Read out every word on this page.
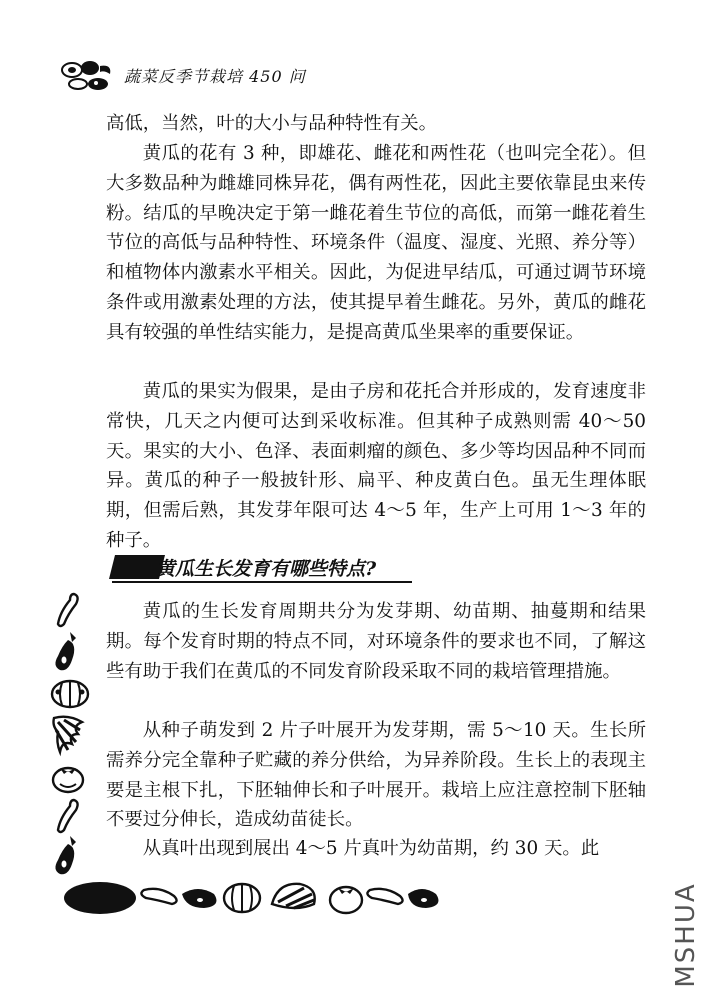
蔬菜反季节栽培 450 问

高低，当然，叶的大小与品种特性有关。

黄瓜的花有 3 种，即雄花、雌花和两性花（也叫完全花）。但大多数品种为雌雄同株异花，偶有两性花，因此主要依靠昆虫来传粉。结瓜的早晚决定于第一雌花着生节位的高低，而第一雌花着生节位的高低与品种特性、环境条件（温度、湿度、光照、养分等）和植物体内激素水平相关。因此，为促进早结瓜，可通过调节环境条件或用激素处理的方法，使其提早着生雌花。另外，黄瓜的雌花具有较强的单性结实能力，是提高黄瓜坐果率的重要保证。

黄瓜的果实为假果，是由子房和花托合并形成的，发育速度非常快，几天之内便可达到采收标准。但其种子成熟则需 40～50 天。果实的大小、色泽、表面刺瘤的颜色、多少等均因品种不同而异。黄瓜的种子一般披针形、扁平、种皮黄白色。虽无生理体眠期，但需后熟，其发芽年限可达 4～5 年，生产上可用 1～3 年的种子。

黄瓜生长发育有哪些特点?

黄瓜的生长发育周期共分为发芽期、幼苗期、抽蔓期和结果期。每个发育时期的特点不同，对环境条件的要求也不同，了解这些有助于我们在黄瓜的不同发育阶段采取不同的栽培管理措施。

从种子萌发到 2 片子叶展开为发芽期，需 5～10 天。生长所需养分完全靠种子贮藏的养分供给，为异养阶段。生长上的表现主要是主根下扎，下胚轴伸长和子叶展开。栽培上应注意控制下胚轴不要过分伸长，造成幼苗徒长。

从真叶出现到展出 4～5 片真叶为幼苗期，约 30 天。此

MSHUA
